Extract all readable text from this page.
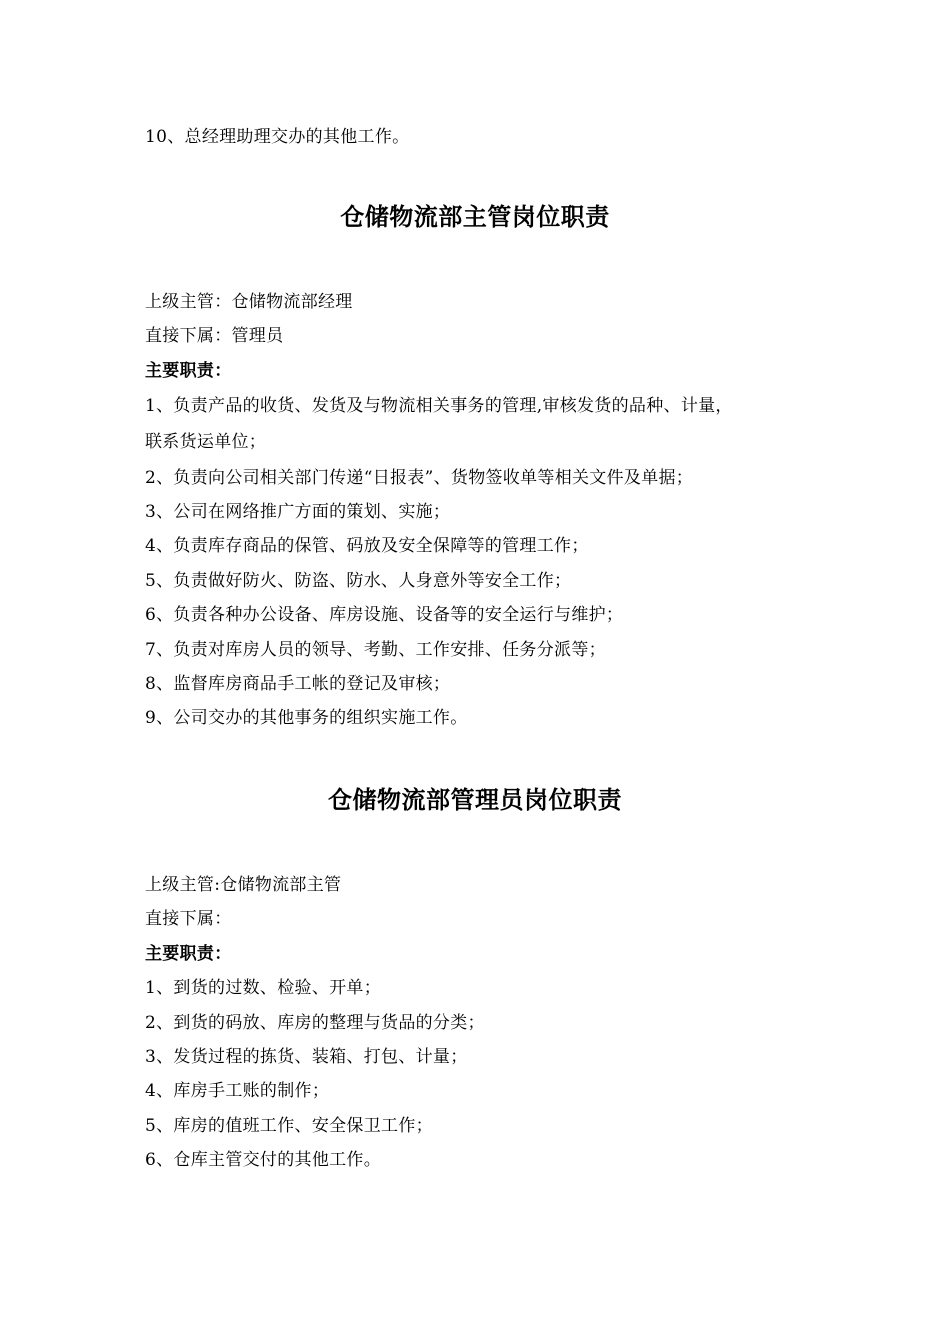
10、总经理助理交办的其他工作。
仓储物流部主管岗位职责
上级主管：仓储物流部经理
直接下属：管理员
主要职责：
1、负责产品的收货、发货及与物流相关事务的管理,审核发货的品种、计量，
联系货运单位；
2、负责向公司相关部门传递“日报表”、货物签收单等相关文件及单据；
3、公司在网络推广方面的策划、实施；
4、负责库存商品的保管、码放及安全保障等的管理工作；
5、负责做好防火、防盗、防水、人身意外等安全工作；
6、负责各种办公设备、库房设施、设备等的安全运行与维护；
7、负责对库房人员的领导、考勤、工作安排、任务分派等；
8、监督库房商品手工帐的登记及审核；
9、公司交办的其他事务的组织实施工作。
仓储物流部管理员岗位职责
上级主管:仓储物流部主管
直接下属：
主要职责：
1、到货的过数、检验、开单；
2、到货的码放、库房的整理与货品的分类；
3、发货过程的拣货、装箱、打包、计量；
4、库房手工账的制作；
5、库房的值班工作、安全保卫工作；
6、仓库主管交付的其他工作。
